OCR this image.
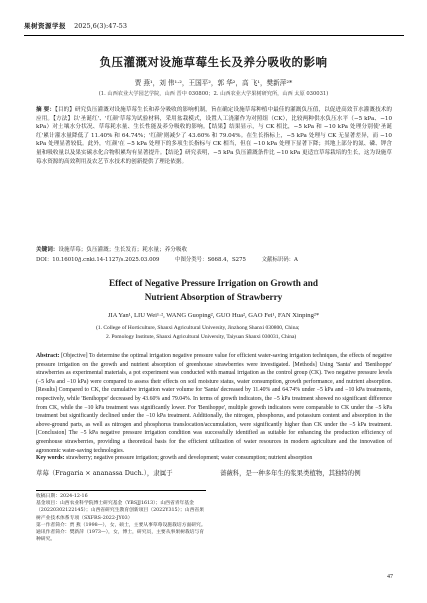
果树资源学报 2025,6(3):47-53
负压灌溉对设施草莓生长及养分吸收的影响
贾 燕¹，刘 伟¹·²，王国平²，郭 华²，高 飞¹，樊新萍²*
(1. 山西农业大学园艺学院，山西 晋中 030800；2. 山西农业大学果树研究所，山西 太原 030031)
摘 要：【目的】研究负压灌溉对设施草莓生长和养分吸收的影响机制，旨在确定设施草莓种植中最佳的灌溉负压值，以促进高效节水灌溉技术的应用。【方法】以'圣诞红'、'红颜'草莓为试验材料，采用盆栽模式，设置人工浇灌作为对照组（CK），比较两种供水负压水平（−5 kPa、−10 kPa）对土壤水分状况、草莓耗水量、生长性能及养分吸收的影响。【结果】结果显示，与 CK 相比，−5 kPa 和 −10 kPa 处理分别使'圣诞红'累计灌水量降低了 11.40% 和 64.74%；'红颜'则减少了 43.60% 和 79.04%。在生长指标上，−5 kPa 处理与 CK 无显著差异，而 −10 kPa 处理显著较低。此外，'红颜'在 −5 kPa 处理下的多项生长指标与 CK 相当，但在 −10 kPa 处理下显著下降；其地上部分的氮、磷、钾含量和吸收量以及果实碳水化合物积累均有显著提升。【结论】研究表明，−5 kPa 负压灌溉条件比 −10 kPa 更适宜草莓栽培的生长，这为设施草莓水资源的高效利用及农艺节水技术的创新提供了理论依据。
关键词：设施草莓；负压灌溉；生长发育；耗水量；养分吸收
DOI：10.16010/j.cnki.14-1127/s.2025.03.009	中图分类号：S668.4，S275	文献标识码：A
Effect of Negative Pressure Irrigation on Growth and
Nutrient Absorption of Strawberry
JIA Yan¹, LIU Wei¹·², WANG Guoping², GUO Hua², GAO Fei¹, FAN Xinping²*
(1. College of Horticulture, Shanxi Agricultural University, Jinzhong Shanxi 030800, China;
2. Pomology Institute, Shanxi Agricultural University, Taiyuan Shanxi 030031, China)
Abstract: [Objective] To determine the optimal irrigation negative pressure value for efficient water-saving irrigation techniques, the effects of negative pressure irrigation on the growth and nutrient absorption of greenhouse strawberries were investigated. [Methods] Using 'Santa' and 'Benihoppe' strawberries as experimental materials, a pot experiment was conducted with manual irrigation as the control group (CK). Two negative pressure levels (−5 kPa and −10 kPa) were compared to assess their effects on soil moisture status, water consumption, growth performance, and nutrient absorption. [Results] Compared to CK, the cumulative irrigation water volume for 'Santa' decreased by 11.40% and 64.74% under −5 kPa and −10 kPa treatments, respectively, while 'Benihoppe' decreased by 43.60% and 79.04%. In terms of growth indicators, the −5 kPa treatment showed no significant difference from CK, while the −10 kPa treatment was significantly lower. For 'Benihoppe', multiple growth indicators were comparable to CK under the −5 kPa treatment but significantly declined under the −10 kPa treatment. Additionally, the nitrogen, phosphorus, and potassium content and absorption in the above-ground parts, as well as nitrogen and phosphorus translocation/accumulation, were significantly higher than CK under the −5 kPa treatment. [Conclusion] The −5 kPa negative pressure irrigation condition was successfully identified as suitable for enhancing the production efficiency of greenhouse strawberries, providing a theoretical basis for the efficient utilization of water resources in modern agriculture and the innovation of agronomic water-saving technologies.
Key words: strawberry; negative pressure irrigation; growth and development; water consumption; nutrient absorption
草莓（Fragaria × ananassa Duch.），隶属于	蔷薇科，是一种多年生的浆果类植物，其独特的例
收稿日期：2024-12-16
基金项目：山西农业科学院博士研究基金（YBSJJ1613）；山西省青年基金（20220302122145）；山西省研究生教育创新项目（2022Y315）；山西省果树产业技术体系专项（SXFRS-2022-JY03）
第一作者简介：贾 燕（1998—），女，硕士，主要从事草莓设施栽培方面研究。
通讯作者简介：樊新萍（1973—），女，博士，研究员，主要从事果树栽培与育种研究。
47
